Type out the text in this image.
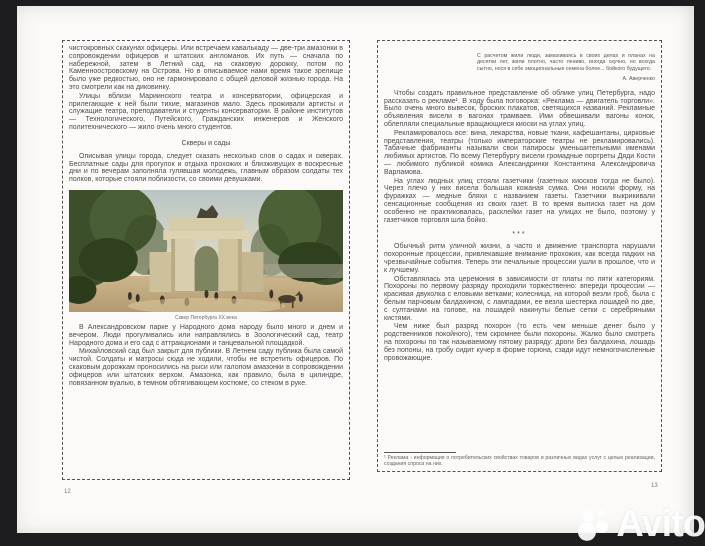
чистокровных скакунах офицеры. Или встречаем кавалькаду — две-три амазонки в сопровождении офицеров и штатских англоманов. Их путь — сначала по набережной, затем в Летний сад, на скаковую дорожку, потом по Каменноостровскому на Острова. Но в описываемое нами время такое зрелище было уже редкостью, оно не гармонировало с общей деловой жизнью города. На это смотрели как на диковинку.

Улицы вблизи Мариинского театра и консерватории, офицерская и прилегающие к ней были тихие, магазинов мало. Здесь проживали артисты и служащие театра, преподаватели и студенты консерватории. В районе институтов — Технологического, Путейского, Гражданских инженеров и Женского политехнического — жило очень много студентов.

Скверы и сады

Описывая улицы города, следует сказать несколько слов о садах и скверах. Бесплатные сады для прогулок и отдыха прохожих и близживущих в воскресные дни и по вечерам заполняла гулявшая молодежь, главным образом солдаты тех полков, которые стояли поблизости, со своими девушками.

Сквер Петербурга XX века

В Александровском парке у Народного дома народу было много и днем и вечером. Люди прогуливались или направлялись в Зоологический сад, театр Народного дома и его сад с аттракционами и танцевальной площадкой.

Михайловский сад был закрыт для публики. В Летнем саду публика была самой чистой. Солдаты и матросы сюда не ходили, чтобы не встретить офицеров. По скаковым дорожкам проносились на рыси или галопом амазонки в сопровождении офицеров или штатских верхом. Амазонка, как правило, была в цилиндре, повязанном вуалью, в темном обтягивающем костюме, со стеком в руке.

12
С расчетом жили люди, замахиваясь в своих делах и планах на десятки лет, жили плотно, часто лениво, иногда скучно, но всегда сытно, нося в себе эмоциональные семена более... бойкого будущего.
А. Аверченко

Чтобы создать правильное представление об облике улиц Петербурга, надо рассказать о рекламе¹. В ходу была поговорка: «Реклама — двигатель торговли». Было очень много вывесок, броских плакатов, светящихся названий. Рекламные объявления висели в вагонах трамваев. Ими обвешивали вагоны конок, облепляли специальные вращающиеся киоски на углах улиц.

Рекламировалось все: вина, лекарства, новые ткани, кафешантаны, цирковые представления, театры (только императорские театры не рекламировались). Табачные фабриканты называли свои папиросы уменьшительными именами любимых артистов. По всему Петербургу висели громадные портреты Дяди Кости — любимого публикой комика Александринки Константина Александровича Варламова.

На углах людных улиц стояли газетчики (газетных киосков тогда не было). Через плечо у них висела большая кожаная сумка. Они носили форму, на фуражках — медные бляхи с названием газеты. Газетчики выкрикивали сенсационные сообщения из своих газет. В то время выписка газет на дом особенно не практиковалась, расклейки газет на улицах не было, поэтому у газетчиков торговля шла бойко.

***

Обычный ритм уличной жизни, а часто и движение транспорта нарушали похоронные процессии, привлекавшие внимание прохожих, как всегда падких на чрезвычайные события. Теперь эти печальные процессии ушли в прошлое, что и к лучшему.

Обставлялась эта церемония в зависимости от платы по пяти категориям. Похороны по первому разряду проходили торжественно: впереди процессии — красивая двуколка с еловыми ветками; колесница, на которой везли гроб, была с белым парчовым балдахином, с лампадами, ее везла шестерка лошадей по две, с султанами на голове, на лошадей накинуты белые сетки с серебряными кистями.

Чем ниже был разряд похорон (то есть чем меньше денег было у родственников покойного), тем скромнее были похороны. Жалко было смотреть на похороны по так называемому пятому разряду: дроги без балдахина, лошадь без попоны, на гробу сидит кучер в форме горюна, сзади идут немногочисленные провожающие.

¹ Реклама - информация о потребительских свойствах товаров и различных видах услуг с целью реализации, создания спроса на них.
13
Avito
